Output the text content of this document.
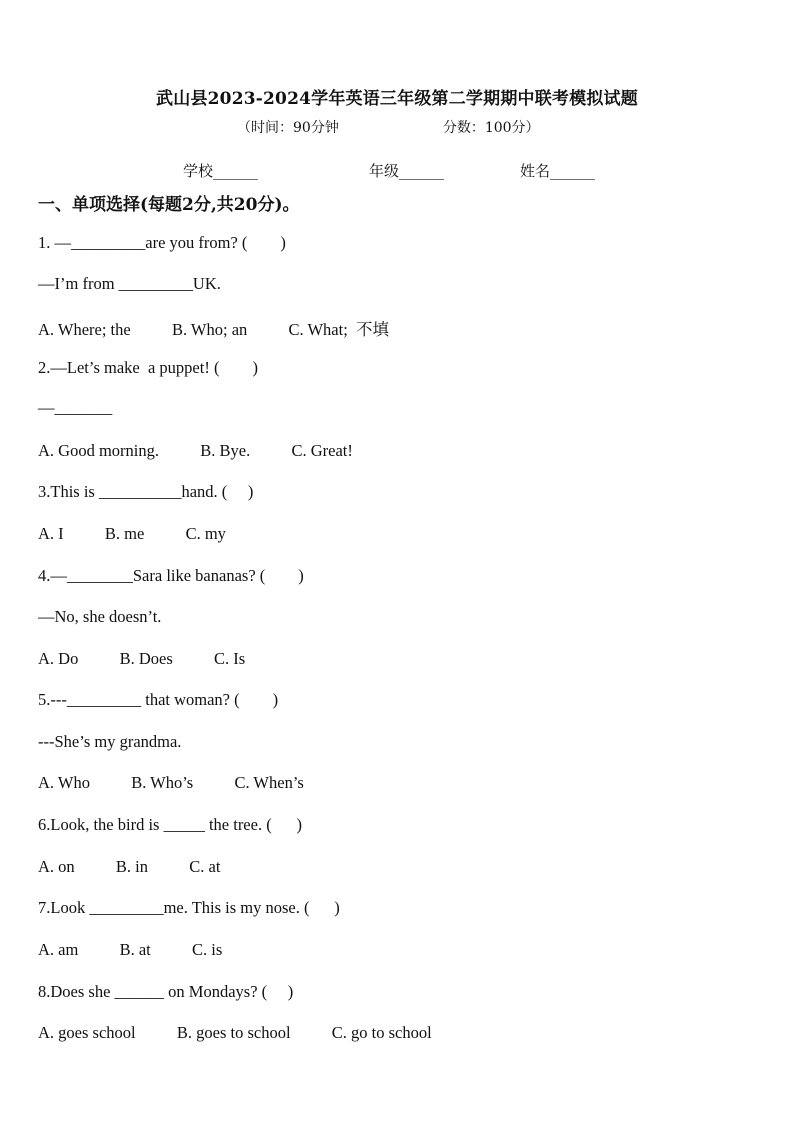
武山县2023-2024学年英语三年级第二学期期中联考模拟试题
（时间：90分钟	分数：100分）
学校______	年级______	姓名______
一、单项选择(每题2分,共20分)。
1. —_________are you from? (        )
—I’m from _________UK.
A. Where; the          B. Who; an          C. What;  不填
2.—Let’s make  a puppet! (        )
—_______
A. Good morning.          B. Bye.          C. Great!
3.This is __________hand. (     )
A. I          B. me          C. my
4.—________Sara like bananas? (        )
—No, she doesn’t.
A. Do          B. Does          C. Is
5.---_________ that woman? (        )
---She’s my grandma.
A. Who          B. Who’s          C. When’s
6.Look, the bird is _____ the tree. (      )
A. on          B. in          C. at
7.Look _________me. This is my nose. (      )
A. am          B. at          C. is
8.Does she ______ on Mondays? (     )
A. goes school          B. goes to school          C. go to school
